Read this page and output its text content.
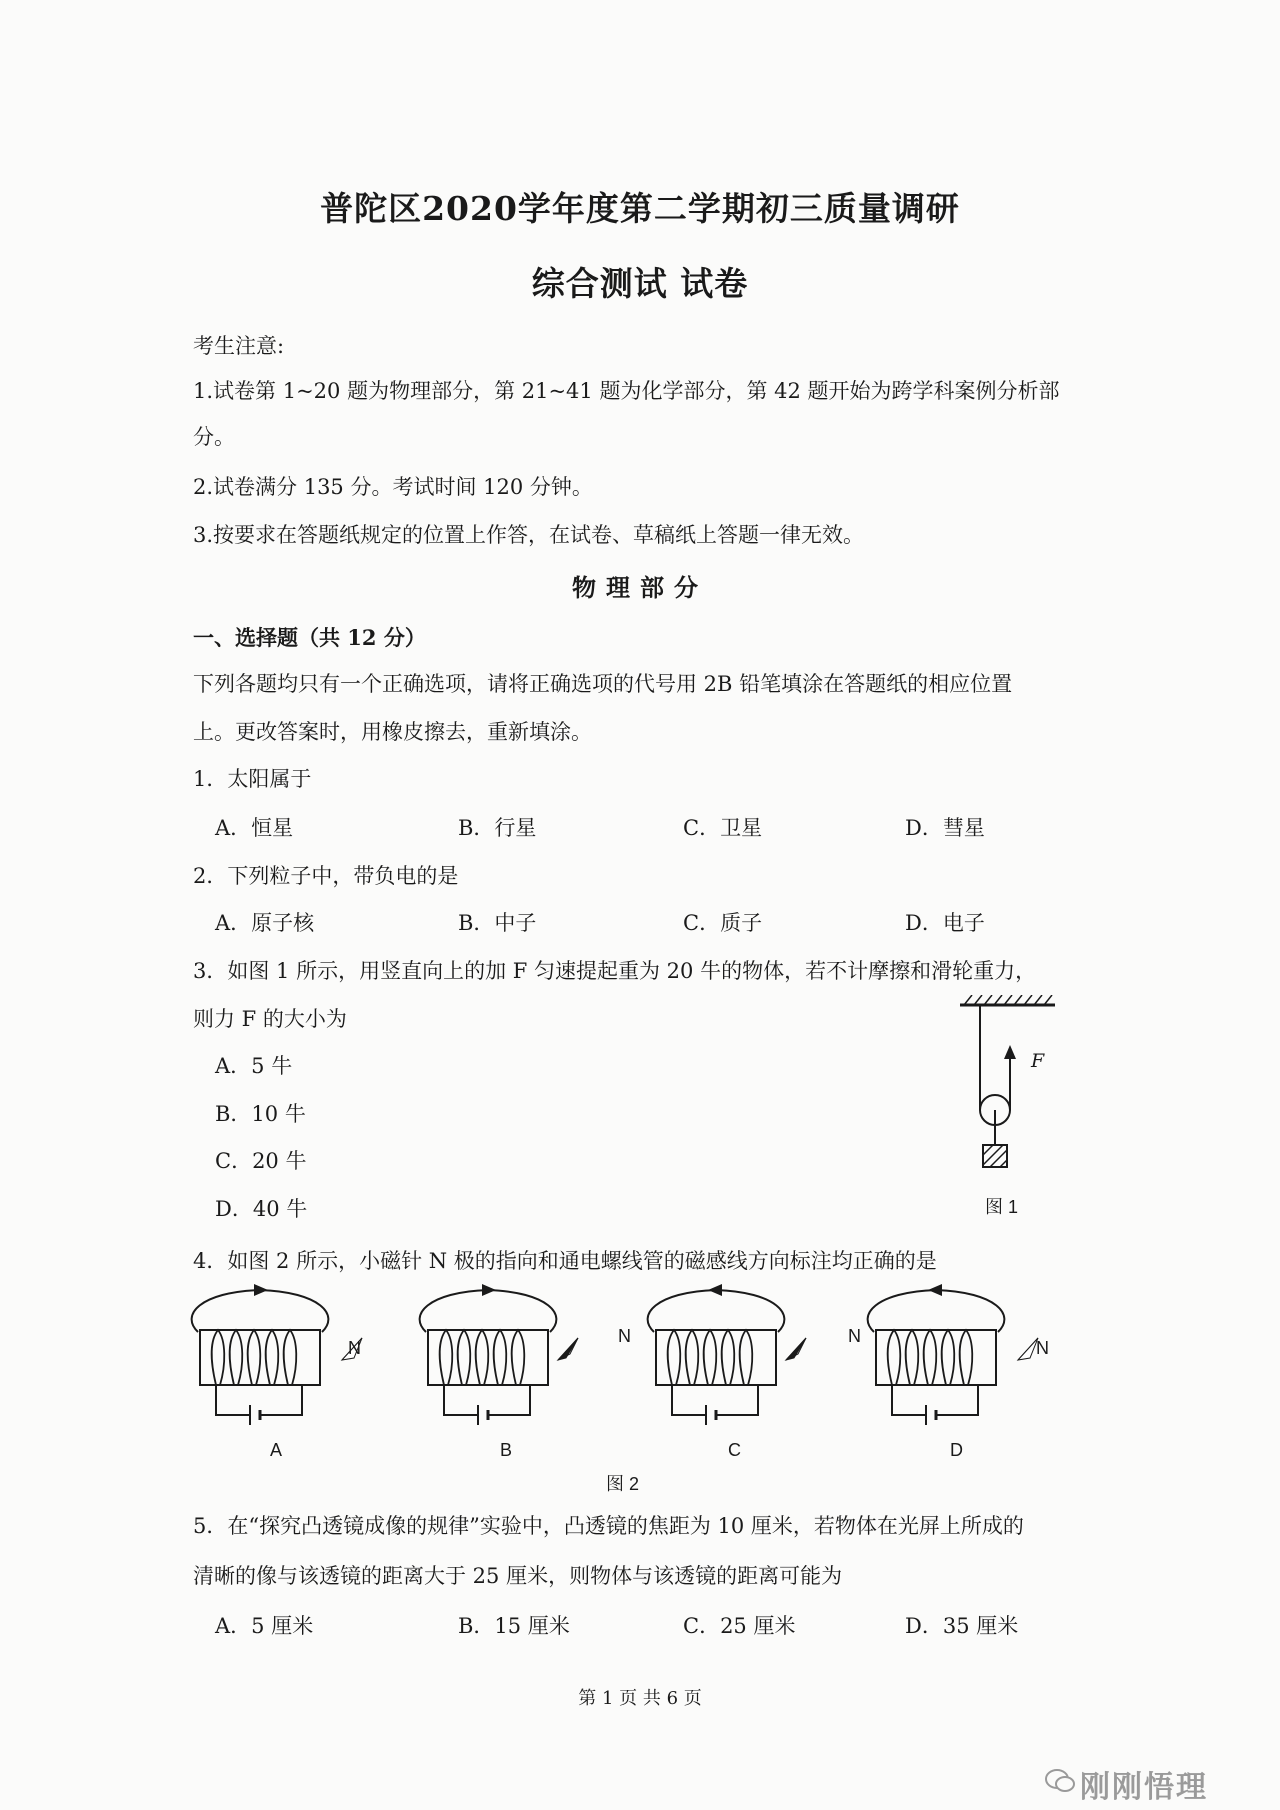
普陀区2020学年度第二学期初三质量调研
综合测试 试卷
考生注意:
1.试卷第 1~20 题为物理部分，第 21~41 题为化学部分，第 42 题开始为跨学科案例分析部
分。
2.试卷满分 135 分。考试时间 120 分钟。
3.按要求在答题纸规定的位置上作答，在试卷、草稿纸上答题一律无效。
物理部分
一、选择题（共 12 分）
下列各题均只有一个正确选项，请将正确选项的代号用 2B 铅笔填涂在答题纸的相应位置
上。更改答案时，用橡皮擦去，重新填涂。
1．太阳属于
A．恒星	B．行星	C．卫星	D．彗星
2．下列粒子中，带负电的是
A．原子核	B．中子	C．质子	D．电子
3．如图 1 所示，用竖直向上的加 F 匀速提起重为 20 牛的物体，若不计摩擦和滑轮重力，
则力 F 的大小为
A．5 牛
B．10 牛
C．20 牛
D．40 牛
F
图 1
4．如图 2 所示，小磁针 N 极的指向和通电螺线管的磁感线方向标注均正确的是
N
N	N
N
A	B	C	D
图 2
5．在“探究凸透镜成像的规律”实验中，凸透镜的焦距为 10 厘米，若物体在光屏上所成的
清晰的像与该透镜的距离大于 25 厘米，则物体与该透镜的距离可能为
A．5 厘米	B．15 厘米	C．25 厘米	D．35 厘米
第 1 页 共 6 页
刚刚悟理
